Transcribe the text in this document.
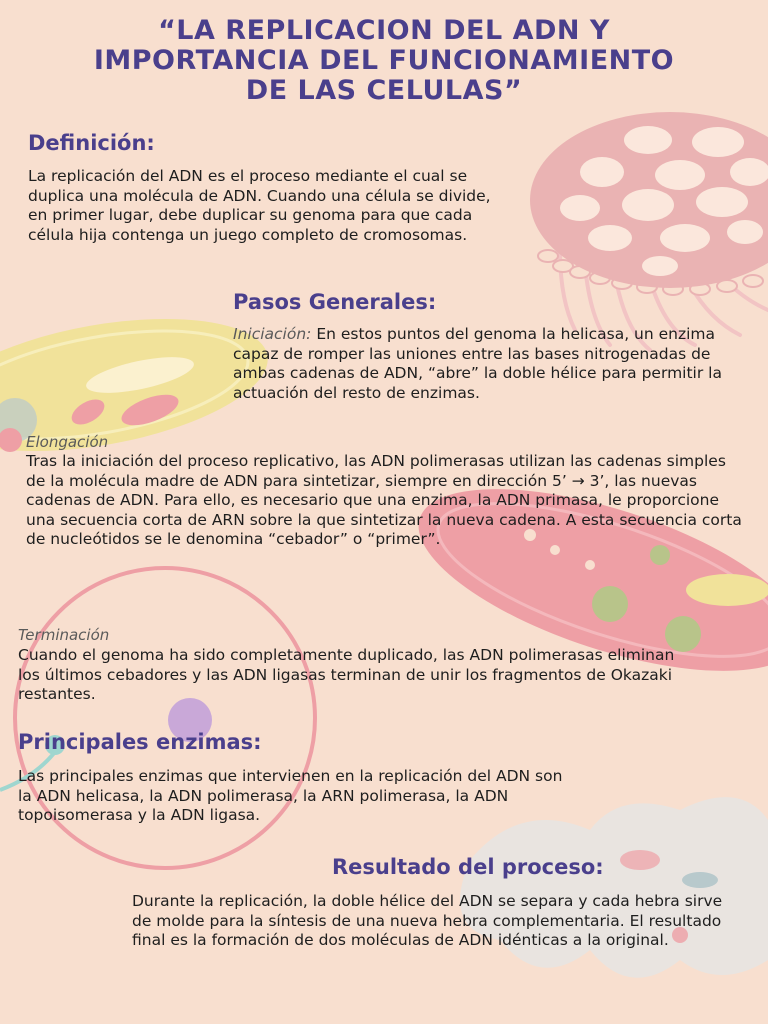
“LA REPLICACION DEL ADN Y
IMPORTANCIA DEL FUNCIONAMIENTO
DE LAS CELULAS”
Definición:
La replicación del ADN es el proceso mediante el cual se duplica una molécula de ADN. Cuando una célula se divide, en primer lugar, debe duplicar su genoma para que cada célula hija contenga un juego completo de cromosomas.
Pasos Generales:
Iniciación: En estos puntos del genoma la helicasa, un enzima capaz de romper las uniones entre las bases nitrogenadas de ambas cadenas de ADN, “abre” la doble hélice para permitir la actuación del resto de enzimas.
Elongación
Tras la iniciación del proceso replicativo, las ADN polimerasas utilizan las cadenas simples de la molécula madre de ADN para sintetizar, siempre en dirección 5’ → 3’, las nuevas cadenas de ADN. Para ello, es necesario que una enzima, la ADN primasa, le proporcione una secuencia corta de ARN sobre la que sintetizar la nueva cadena. A esta secuencia corta de nucleótidos se le denomina “cebador” o “primer”.
Terminación
Cuando el genoma ha sido completamente duplicado, las ADN polimerasas eliminan los últimos cebadores y las ADN ligasas terminan de unir los fragmentos de Okazaki restantes.
Principales enzimas:
Las principales enzimas que intervienen en la replicación del ADN son la ADN helicasa, la ADN polimerasa, la ARN polimerasa, la ADN topoisomerasa y la ADN ligasa.
Resultado del proceso:
Durante la replicación, la doble hélice del ADN se separa y cada hebra sirve de molde para la síntesis de una nueva hebra complementaria. El resultado final es la formación de dos moléculas de ADN idénticas a la original.
